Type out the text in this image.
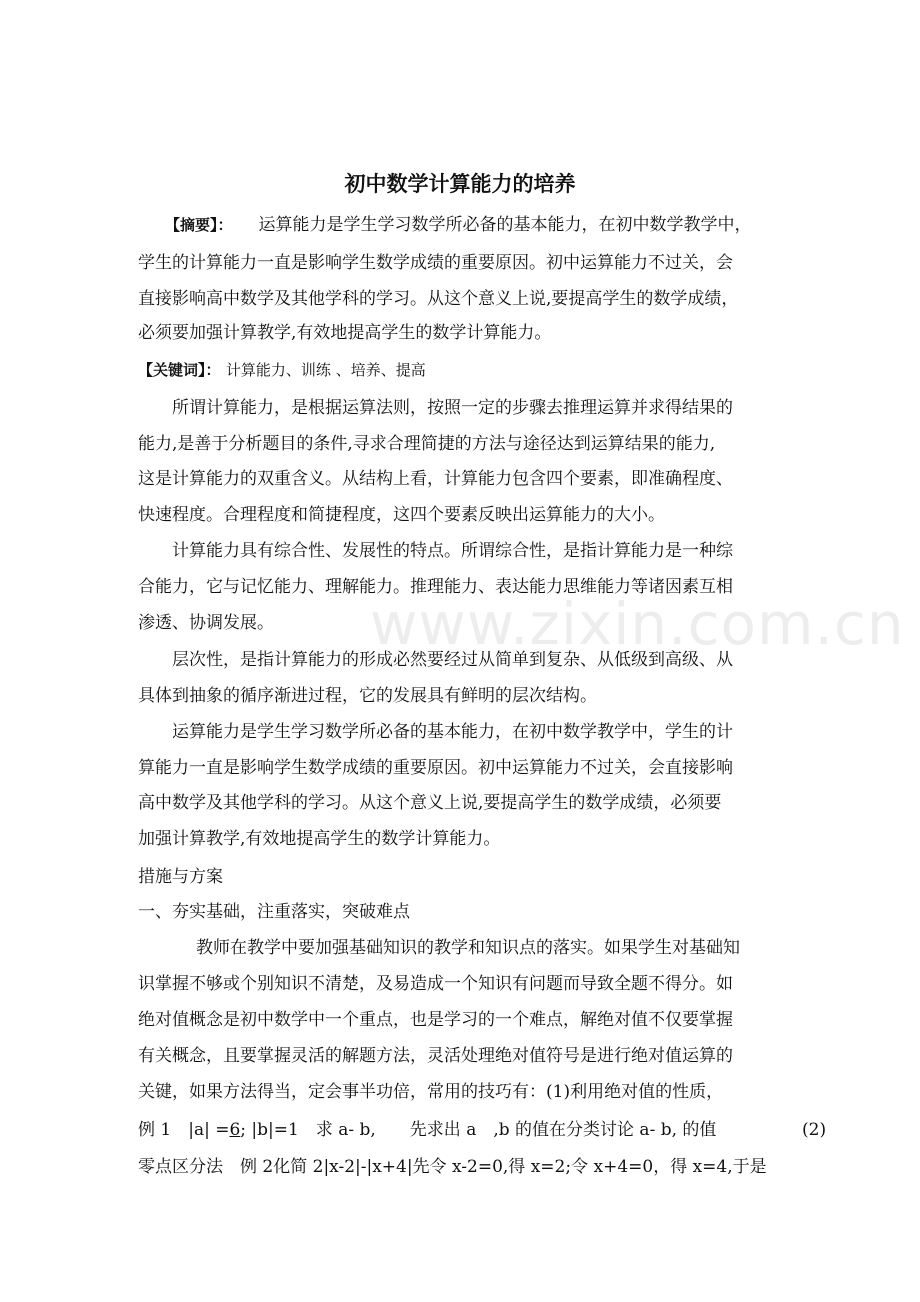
www.zixin.com.cn
初中数学计算能力的培养
【摘要】： 运算能力是学生学习数学所必备的基本能力，在初中数学教学中，
学生的计算能力一直是影响学生数学成绩的重要原因。初中运算能力不过关，会
直接影响高中数学及其他学科的学习。从这个意义上说,要提高学生的数学成绩，
必须要加强计算教学,有效地提高学生的数学计算能力。
【关键词】： 计算能力、训练 、培养、提高
所谓计算能力，是根据运算法则，按照一定的步骤去推理运算并求得结果的
能力,是善于分析题目的条件,寻求合理简捷的方法与途径达到运算结果的能力,
这是计算能力的双重含义。从结构上看，计算能力包含四个要素，即准确程度、
快速程度。合理程度和简捷程度，这四个要素反映出运算能力的大小。
计算能力具有综合性、发展性的特点。所谓综合性，是指计算能力是一种综
合能力，它与记忆能力、理解能力。推理能力、表达能力思维能力等诸因素互相
渗透、协调发展。
层次性，是指计算能力的形成必然要经过从简单到复杂、从低级到高级、从
具体到抽象的循序渐进过程，它的发展具有鲜明的层次结构。
运算能力是学生学习数学所必备的基本能力，在初中数学教学中，学生的计
算能力一直是影响学生数学成绩的重要原因。初中运算能力不过关，会直接影响
高中数学及其他学科的学习。从这个意义上说,要提高学生的数学成绩，必须要
加强计算教学,有效地提高学生的数学计算能力。
措施与方案
一、夯实基础，注重落实，突破难点
教师在教学中要加强基础知识的教学和知识点的落实。如果学生对基础知
识掌握不够或个别知识不清楚，及易造成一个知识有问题而导致全题不得分。如
绝对值概念是初中数学中一个重点，也是学习的一个难点，解绝对值不仅要掌握
有关概念，且要掌握灵活的解题方法，灵活处理绝对值符号是进行绝对值运算的
关键，如果方法得当，定会事半功倍，常用的技巧有：(1)利用绝对值的性质，
例 1　|a| =6; |b|=1　求 a- b,　　先求出 a　,b 的值在分类讨论 a- b, 的值	(2)
零点区分法　例 2化简 2|x-2|-|x+4|先令 x-2=0,得 x=2;令 x+4=0，得 x=4,于是
